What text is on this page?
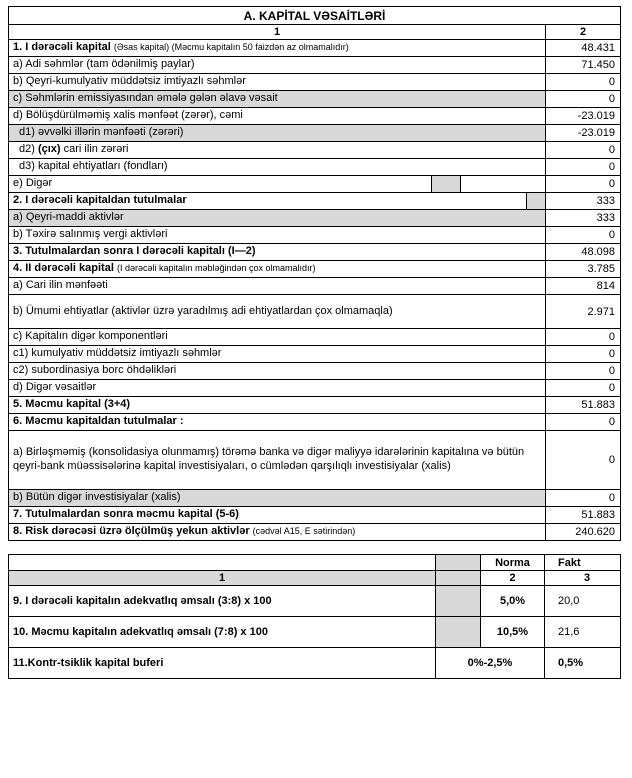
A. KAPİTAL VƏSAİTLƏRİ	
1	2
1. I dərəcəli kapital (Əsas kapital) (Məcmu kapitalın 50 faizdən az olmamalıdır)	48.431
a) Adi səhmlər (tam ödənilmiş paylar)	71.450
b) Qeyri-kumulyativ müddətsiz imtiyazlı səhmlər	0
c) Səhmlərin emissiyasından əmələ gələn əlavə vəsait	0
d) Bölüşdürülməmiş xalis mənfəət (zərər), cəmi	-23.019
d1) əvvəlki illərin mənfəəti (zərəri)	-23.019
d2) (çıx) cari ilin zərəri	0
d3) kapital ehtiyatları (fondları)	0
e) Digər	0
2. I dərəcəli kapitaldan tutulmalar	333
a) Qeyri-maddi aktivlər	333
b) Təxirə salınmış vergi aktivləri	0
3. Tutulmalardan sonra I dərəcəli kapitalı (I—2)	48.098
4. II dərəcəli kapital (I dərəcəli kapitalın məbləğindən çox olmamalıdır)	3.785
a) Cari ilin mənfəəti	814
b) Ümumi ehtiyatlar (aktivlər üzrə yaradılmış adi ehtiyatlardan çox olmamaqla)	2.971
c) Kapitalın digər komponentləri	0
c1) kumulyativ müddətsiz imtiyazlı səhmlər	0
c2) subordinasiya borc öhdəlikləri	0
d) Digər vəsaitlər	0
5. Məcmu kapital (3+4)	51.883
6. Məcmu kapitaldan tutulmalar :	0
a) Birləşməmiş (konsolidasiya olunmamış) törəmə banka və digər maliyyə idarələrinin kapitalına və bütün qeyri-bank müəssisələrinə kapital investisiyaları, o cümlədən qarşılıqlı investisiyalar (xalis)	0
b) Bütün digər investisiyalar (xalis)	0
7. Tutulmalardan sonra məcmu kapital (5-6)	51.883
8. Risk dərəcəsi üzrə ölçülmüş yekun aktivlər (cədvəl A15, E sətirindən)	240.620
		Norma	Fakt
1		2	3
9. I dərəcəli kapitalın adekvatlıq əmsalı (3:8) x 100		5,0%	20,0
10. Məcmu kapitalın adekvatlıq əmsalı (7:8) x 100		10,5%	21,6
11.Kontr-tsiklik kapital buferi	0%-2,5%		0,5%
